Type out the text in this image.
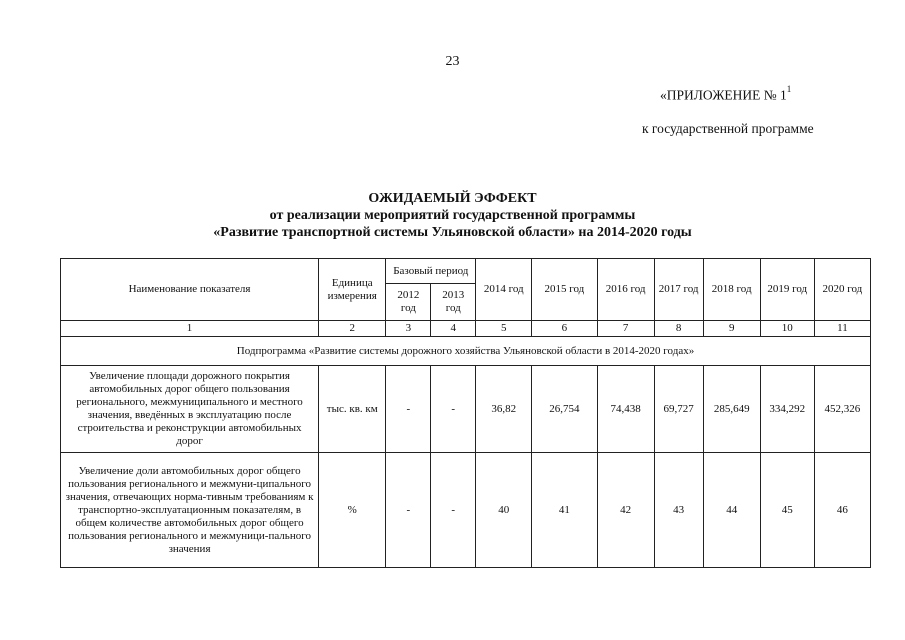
23
«ПРИЛОЖЕНИЕ № $1^1$
к государственной программе
ОЖИДАЕМЫЙ ЭФФЕКТ
от реализации мероприятий государственной программы
«Развитие транспортной системы Ульяновской области» на 2014-2020 годы
Наименование показателя	Единица измерения	Базовый период		2014 год	2015 год	2016 год	2017 год	2018 год	2019 год	2020 год
		2012 год	2013 год							
1	2	3	4	5	6	7	8	9	10	11
Подпрограмма «Развитие системы дорожного хозяйства Ульяновской области в 2014-2020 годах»										
Увеличение площади дорожного покрытия автомобильных дорог общего пользования регионального, межмуниципального и местного значения, введённых в эксплуатацию после строительства и реконструкции автомобильных дорог	тыс. кв. км	-	-	36,82	26,754	74,438	69,727	285,649	334,292	452,326
Увеличение доли автомобильных дорог общего пользования регионального и межмуни-ципального значения, отвечающих норма-тивным требованиям к транспортно-эксплуатационным показателям, в общем количестве автомобильных дорог общего пользования регионального и межмуници-пального значения	%	-	-	40	41	42	43	44	45	46
